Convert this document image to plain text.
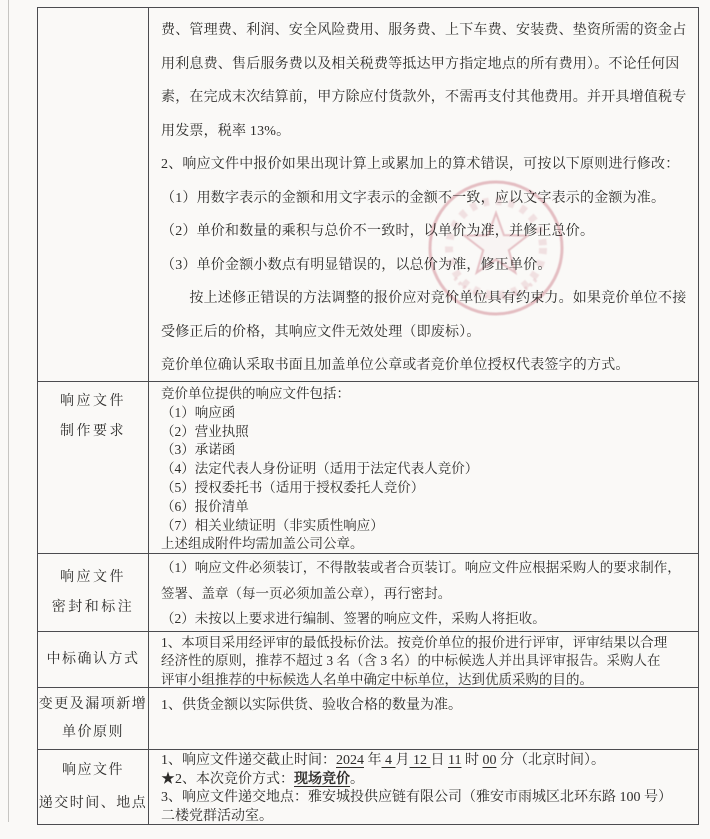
费、管理费、利润、安全风险费用、服务费、上下车费、安装费、垫资所需的资金占
用利息费、售后服务费以及相关税费等抵达甲方指定地点的所有费用）。不论任何因
素，在完成末次结算前，甲方除应付货款外，不需再支付其他费用。并开具增值税专
用发票，税率 13%。
2、响应文件中报价如果出现计算上或累加上的算术错误，可按以下原则进行修改：
（1）用数字表示的金额和用文字表示的金额不一致，应以文字表示的金额为准。
（2）单价和数量的乘积与总价不一致时，以单价为准，并修正总价。
（3）单价金额小数点有明显错误的，以总价为准，修正单价。
　　按上述修正错误的方法调整的报价应对竞价单位具有约束力。如果竞价单位不接
受修正后的价格，其响应文件无效处理（即废标）。
竞价单位确认采取书面且加盖单位公章或者竞价单位授权代表签字的方式。
响应文件
制作要求
竞价单位提供的响应文件包括：
（1）响应函
（2）营业执照
（3）承诺函
（4）法定代表人身份证明（适用于法定代表人竞价）
（5）授权委托书（适用于授权委托人竞价）
（6）报价清单
（7）相关业绩证明（非实质性响应）
上述组成附件均需加盖公司公章。
响应文件
密封和标注
（1）响应文件必须装订，不得散装或者合页装订。响应文件应根据采购人的要求制作，
签署、盖章（每一页必须加盖公章），再行密封。
（2）未按以上要求进行编制、签署的响应文件，采购人将拒收。
中标确认方式
1、本项目采用经评审的最低投标价法。按竞价单位的报价进行评审，评审结果以合理
经济性的原则，推荐不超过 3 名（含 3 名）的中标候选人并出具评审报告。采购人在
评审小组推荐的中标候选人名单中确定中标单位，达到优质采购的目的。
变更及漏项新增
单价原则
1、供货金额以实际供货、验收合格的数量为准。
响应文件
递交时间、地点
1、响应文件递交截止时间：2024 年 4 月 12 日 11 时 00 分（北京时间）。
★2、本次竞价方式：现场竞价。
3、响应文件递交地点：雅安城投供应链有限公司（雅安市雨城区北环东路 100 号）
二楼党群活动室。
